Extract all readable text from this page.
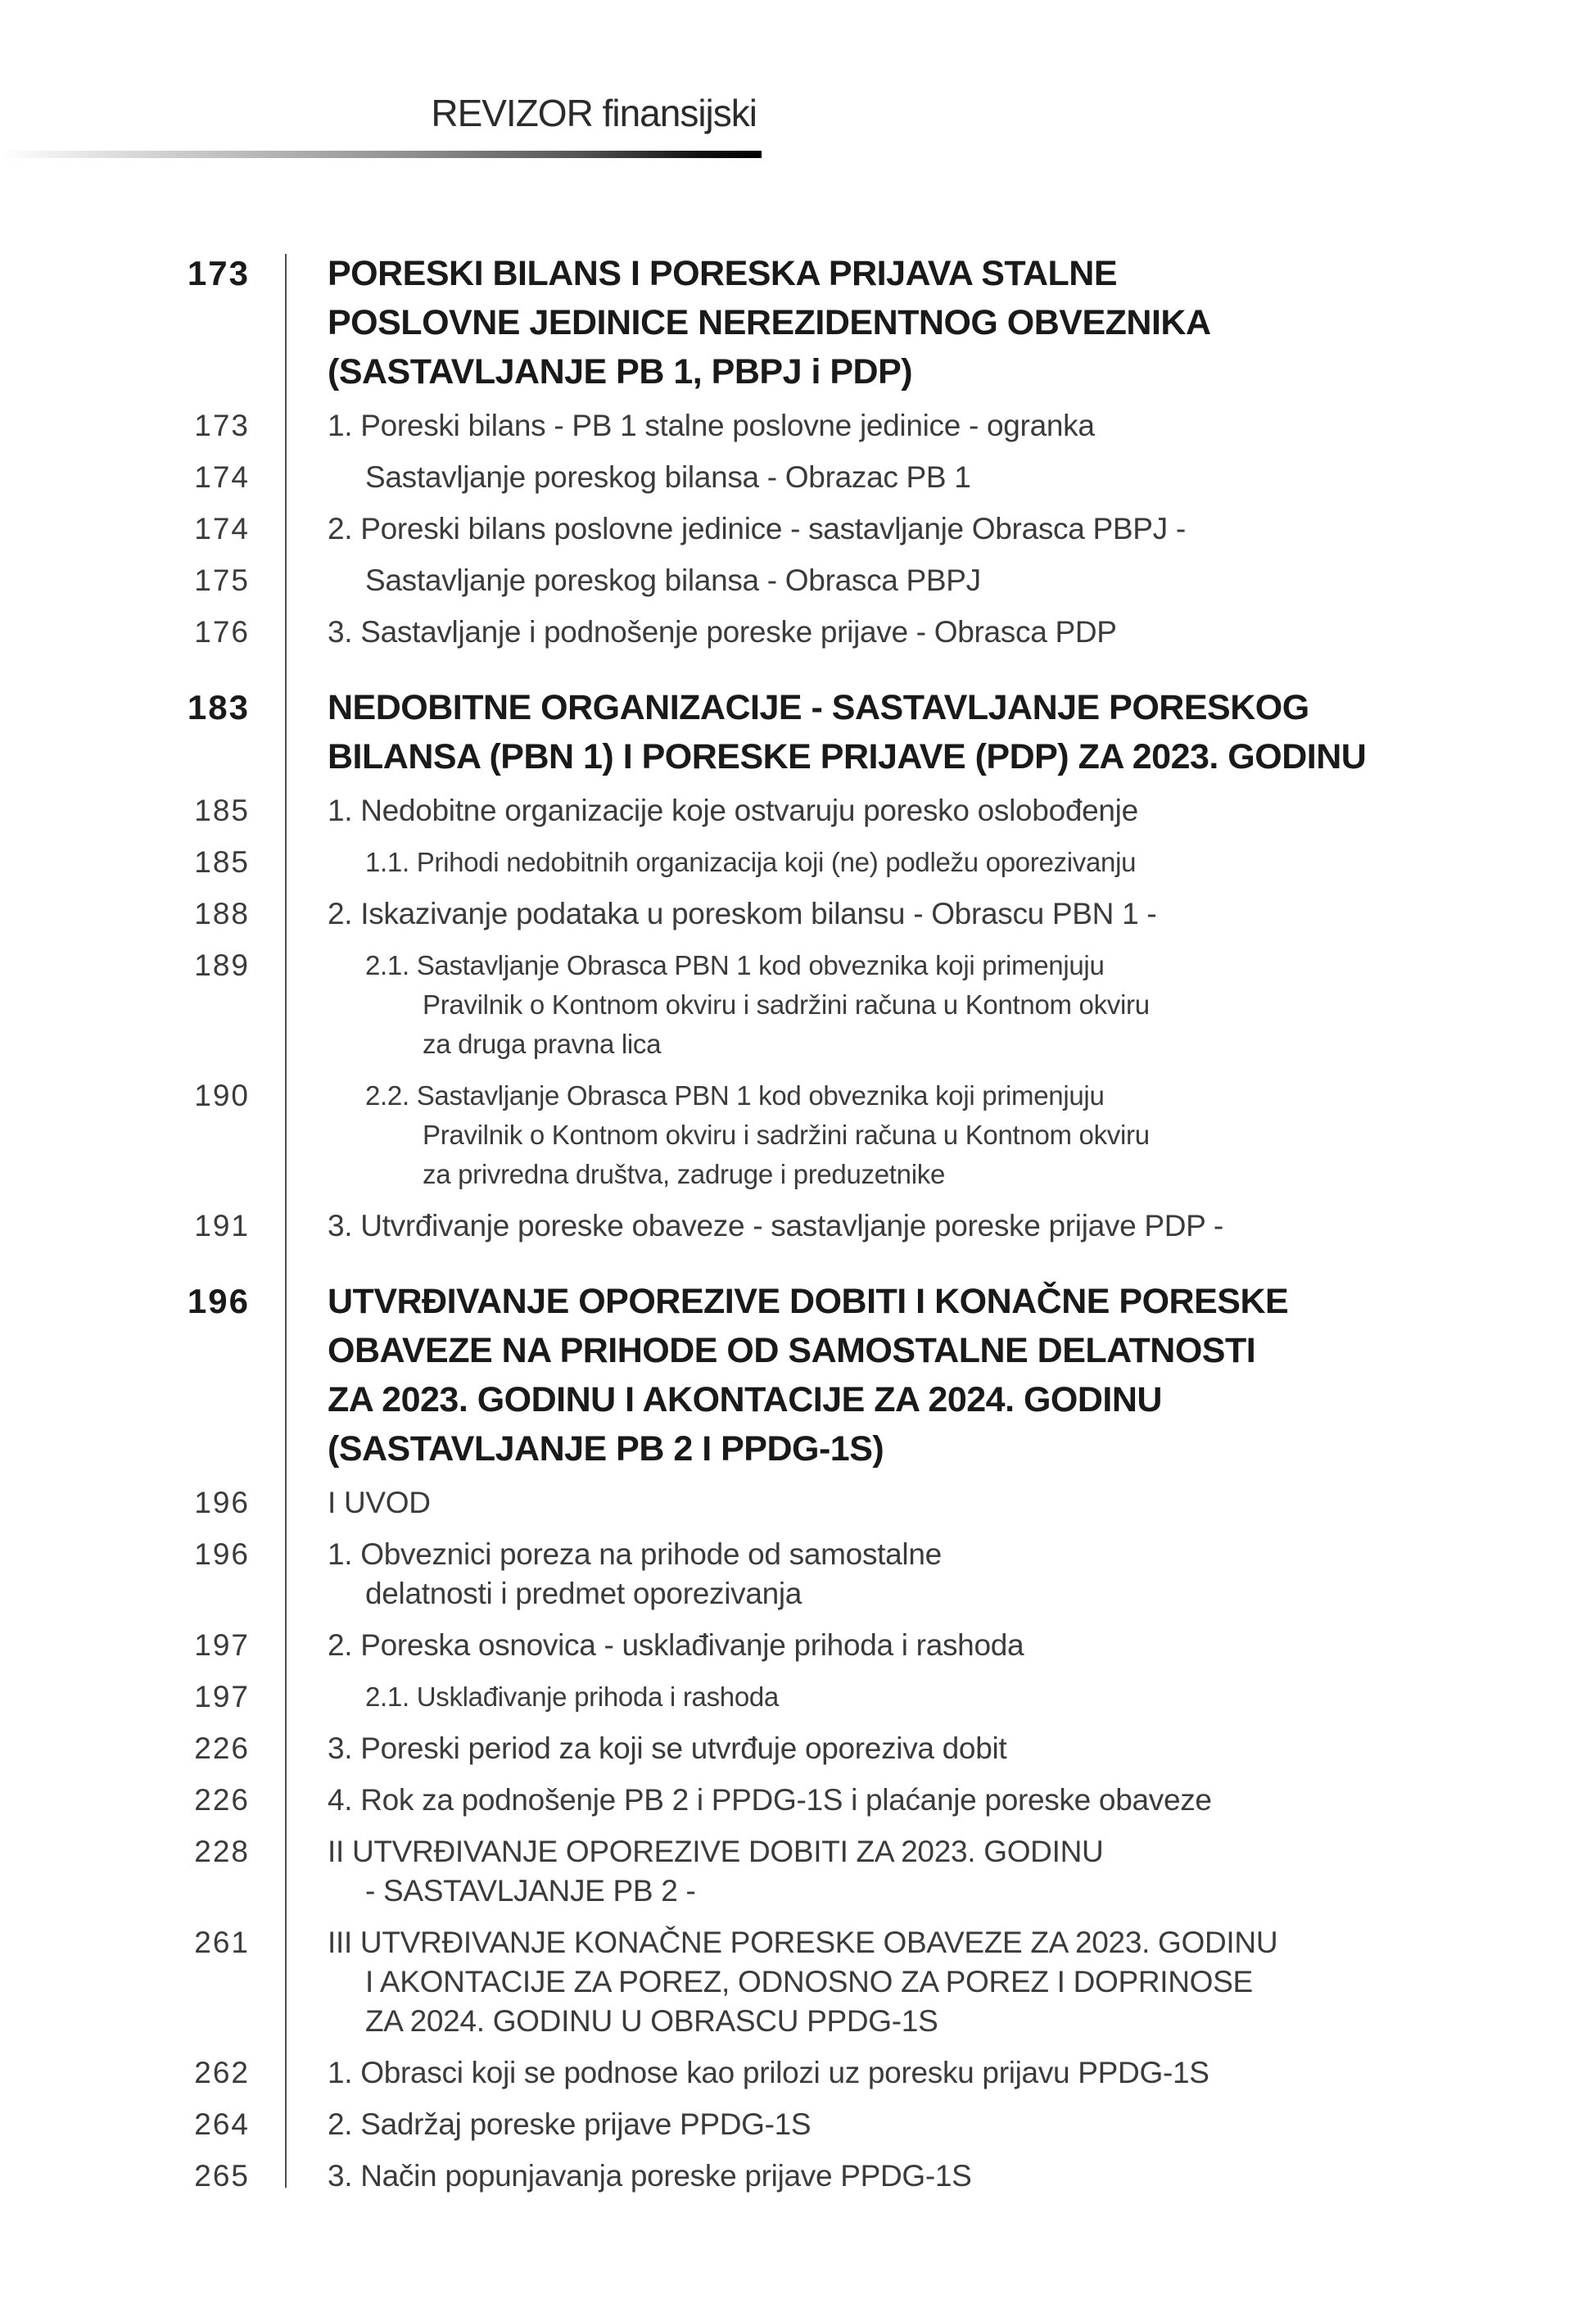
REVIZOR finansijski
173 PORESKI BILANS I PORESKA PRIJAVA STALNE
POSLOVNE JEDINICE NEREZIDENTNOG OBVEZNIKA
(SASTAVLJANJE PB 1, PBPJ i PDP)
173	1. Poreski bilans - PB 1 stalne poslovne jedinice - ogranka
174	Sastavljanje poreskog bilansa - Obrazac PB 1
174	2. Poreski bilans poslovne jedinice - sastavljanje Obrasca PBPJ -
175	Sastavljanje poreskog bilansa - Obrasca PBPJ
176	3. Sastavljanje i podnošenje poreske prijave - Obrasca PDP
183 NEDOBITNE ORGANIZACIJE - SASTAVLJANJE PORESKOG
BILANSA (PBN 1) I PORESKE PRIJAVE (PDP) ZA 2023. GODINU
185	1. Nedobitne organizacije koje ostvaruju poresko oslobođenje
185	1.1. Prihodi nedobitnih organizacija koji (ne) podležu oporezivanju
188	2. Iskazivanje podataka u poreskom bilansu - Obrascu PBN 1 -
189	2.1. Sastavljanje Obrasca PBN 1 kod obveznika koji primenjuju
Pravilnik o Kontnom okviru i sadržini računa u Kontnom okviru
za druga pravna lica
190	2.2. Sastavljanje Obrasca PBN 1 kod obveznika koji primenjuju
Pravilnik o Kontnom okviru i sadržini računa u Kontnom okviru
za privredna društva, zadruge i preduzetnike
191	3. Utvrđivanje poreske obaveze - sastavljanje poreske prijave PDP -
196 UTVRĐIVANJE OPOREZIVE DOBITI I KONAČNE PORESKE
OBAVEZE NA PRIHODE OD SAMOSTALNE DELATNOSTI
ZA 2023. GODINU I AKONTACIJE ZA 2024. GODINU
(SASTAVLJANJE PB 2 I PPDG-1S)
196	I UVOD
196	1. Obveznici poreza na prihode od samostalne
delatnosti i predmet oporezivanja
197	2. Poreska osnovica - usklađivanje prihoda i rashoda
197	2.1. Usklađivanje prihoda i rashoda
226	3. Poreski period za koji se utvrđuje oporeziva dobit
226	4. Rok za podnošenje PB 2 i PPDG-1S i plaćanje poreske obaveze
228	II UTVRĐIVANJE OPOREZIVE DOBITI ZA 2023. GODINU
- SASTAVLJANJE PB 2 -
261	III UTVRĐIVANJE KONAČNE PORESKE OBAVEZE ZA 2023. GODINU
I AKONTACIJE ZA POREZ, ODNOSNO ZA POREZ I DOPRINOSE
ZA 2024. GODINU U OBRASCU PPDG-1S
262	1. Obrasci koji se podnose kao prilozi uz poresku prijavu PPDG-1S
264	2. Sadržaj poreske prijave PPDG-1S
265	3. Način popunjavanja poreske prijave PPDG-1S
